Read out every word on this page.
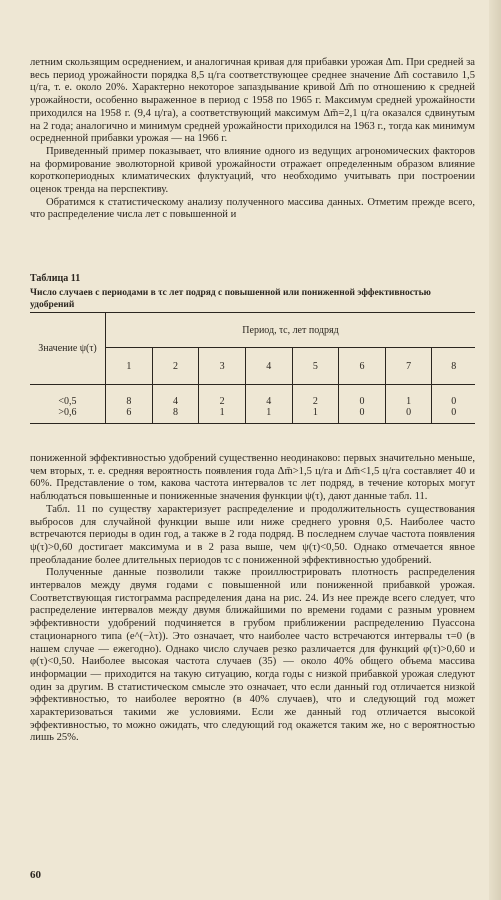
летним скользящим осреднением, и аналогичная кривая для прибавки урожая Δm. При средней за весь период урожайности порядка 8,5 ц/га соответствующее среднее значение Δm̄ составило 1,5 ц/га, т. е. около 20%. Характерно некоторое запаздывание кривой Δm̄ по отношению к средней урожайности, особенно выраженное в период с 1958 по 1965 г. Максимум средней урожайности приходился на 1958 г. (9,4 ц/га), а соответствующий максимум Δm̄=2,1 ц/га оказался сдвинутым на 2 года; аналогично и минимум средней урожайности приходился на 1963 г., тогда как минимум осредненной прибавки урожая — на 1966 г.

Приведенный пример показывает, что влияние одного из ведущих агрономических факторов на формирование эволюторной кривой урожайности отражает определенным образом влияние короткопериодных климатических флуктуаций, что необходимо учитывать при построении оценок тренда на перспективу.

Обратимся к статистическому анализу полученного массива данных. Отметим прежде всего, что распределение числа лет с повышенной и

Таблица 11

Число случаев с периодами в τс лет подряд с повышенной или пониженной эффективностью удобрений

Значение ψ(τ)	Период, τс, лет подряд							
	1	2	3	4	5	6	7	8
<0,5	8	4	2	4	2	0	1	0
>0,6	6	8	1	1	1	0	0	0

пониженной эффективностью удобрений существенно неодинаково: первых значительно меньше, чем вторых, т. е. средняя вероятность появления года Δm̄>1,5 ц/га и Δm̄<1,5 ц/га составляет 40 и 60%. Представление о том, какова частота интервалов τс лет подряд, в течение которых могут наблюдаться повышенные и пониженные значения функции ψ(τ), дают данные табл. 11.

Табл. 11 по существу характеризует распределение и продолжительность существования выбросов для случайной функции выше или ниже среднего уровня 0,5. Наиболее часто встречаются периоды в один год, а также в 2 года подряд. В последнем случае частота появления ψ(τ)>0,60 достигает максимума и в 2 раза выше, чем ψ(τ)<0,50. Однако отмечается явное преобладание более длительных периодов τс с пониженной эффективностью удобрений.

Полученные данные позволили также проиллюстрировать плотность распределения интервалов между двумя годами с повышенной или пониженной прибавкой урожая. Соответствующая гистограмма распределения дана на рис. 24. Из нее прежде всего следует, что распределение интервалов между двумя ближайшими по времени годами с разным уровнем эффективности удобрений подчиняется в грубом приближении распределению Пуассона стационарного типа (e^(−λτ)). Это означает, что наиболее часто встречаются интервалы τ=0 (в нашем случае — ежегодно). Однако число случаев резко различается для функций φ(τ)>0,60 и φ(τ)<0,50. Наиболее высокая частота случаев (35) — около 40% общего объема массива информации — приходится на такую ситуацию, когда годы с низкой прибавкой урожая следуют один за другим. В статистическом смысле это означает, что если данный год отличается низкой эффективностью, то наиболее вероятно (в 40% случаев), что и следующий год может характеризоваться такими же условиями. Если же данный год отличается высокой эффективностью, то можно ожидать, что следующий год окажется таким же, но с вероятностью лишь 25%.

60
